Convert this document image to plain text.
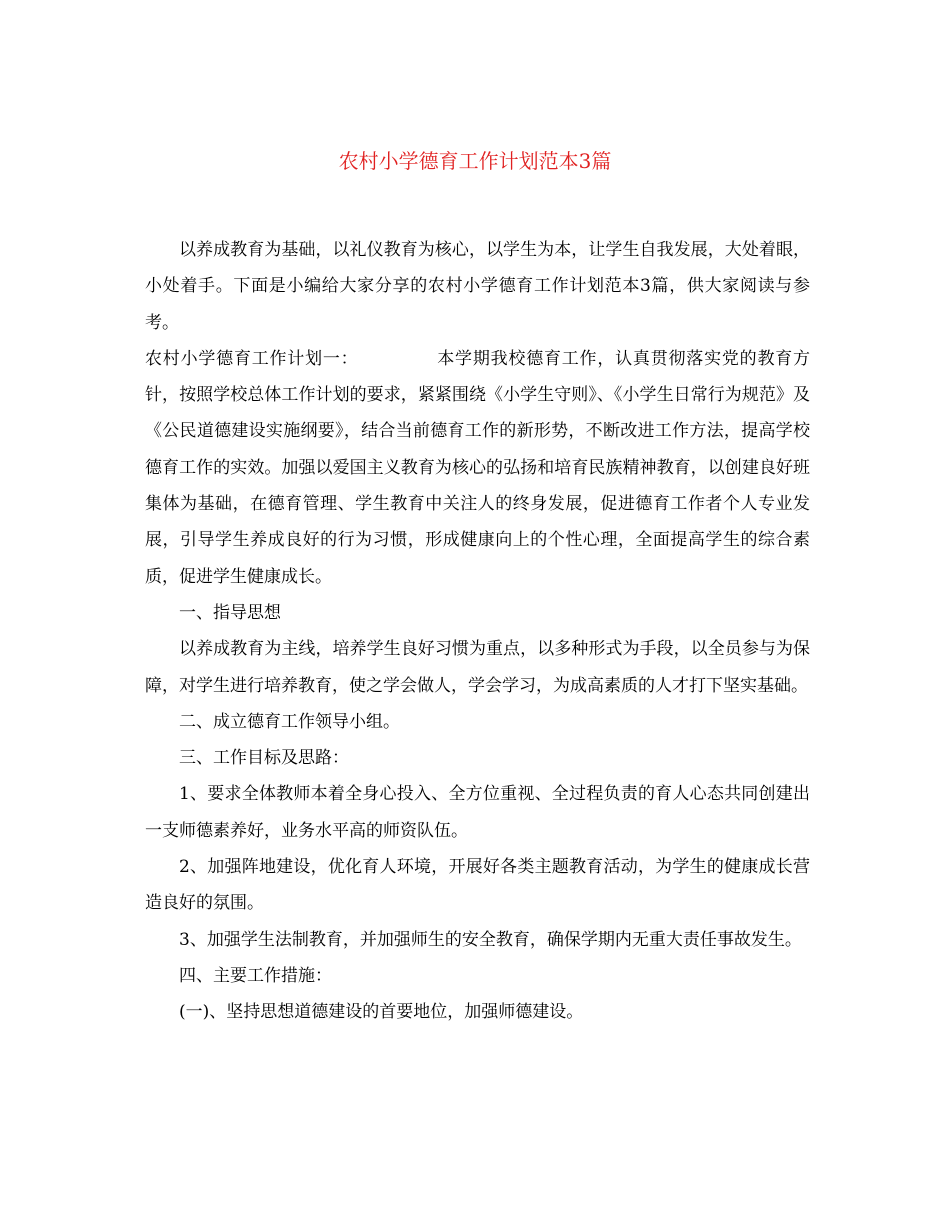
农村小学德育工作计划范本3篇

以养成教育为基础，以礼仪教育为核心，以学生为本，让学生自我发展，大处着眼，小处着手。下面是小编给大家分享的农村小学德育工作计划范本3篇，供大家阅读与参考。

农村小学德育工作计划一：	本学期我校德育工作，认真贯彻落实党的教育方针，按照学校总体工作计划的要求，紧紧围绕《小学生守则》、《小学生日常行为规范》及《公民道德建设实施纲要》，结合当前德育工作的新形势，不断改进工作方法，提高学校德育工作的实效。加强以爱国主义教育为核心的弘扬和培育民族精神教育，以创建良好班集体为基础，在德育管理、学生教育中关注人的终身发展，促进德育工作者个人专业发展，引导学生养成良好的行为习惯，形成健康向上的个性心理，全面提高学生的综合素质，促进学生健康成长。

一、指导思想

以养成教育为主线，培养学生良好习惯为重点，以多种形式为手段，以全员参与为保障，对学生进行培养教育，使之学会做人，学会学习，为成高素质的人才打下坚实基础。

二、成立德育工作领导小组。

三、工作目标及思路：

1、要求全体教师本着全身心投入、全方位重视、全过程负责的育人心态共同创建出一支师德素养好，业务水平高的师资队伍。

2、加强阵地建设，优化育人环境，开展好各类主题教育活动，为学生的健康成长营造良好的氛围。

3、加强学生法制教育，并加强师生的安全教育，确保学期内无重大责任事故发生。

四、主要工作措施：

(一)、坚持思想道德建设的首要地位，加强师德建设。
